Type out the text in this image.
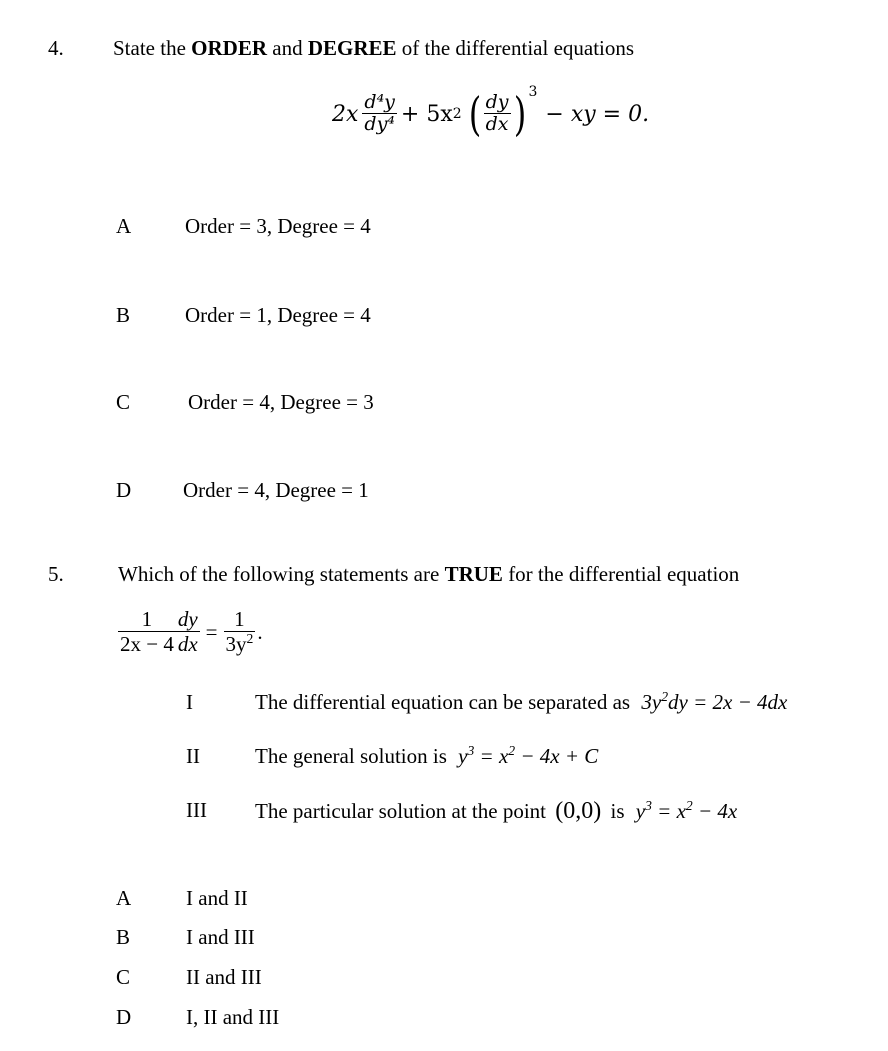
4. State the ORDER and DEGREE of the differential equations
$2x \frac{\text{d⁴y}}{\text{dy⁴}} + 5x$ 2 ( $\frac{dy}{dx} )^3$
− xy = 0.
A	Order = 3, Degree = 4
B	Order = 1, Degree = 4
C	Order = 4, Degree = 3
D Order = 4, Degree = 1
5.	Which of the following statements are TRUE for the differential equation
$\frac{1}{2x - 4} \frac{dy}{dx} = \frac{1}{3y^2}$ .
I	The differential equation can be separated as $3y^2dy = 2x - 4dx$
II	The general solution is $y^3 = x^2 - 4x + C$
III The particular solution at the point (0,0) is $y^3 = x^2 - 4x$
A	I and II
B	I and III
C	II and III
D	I, II and III
